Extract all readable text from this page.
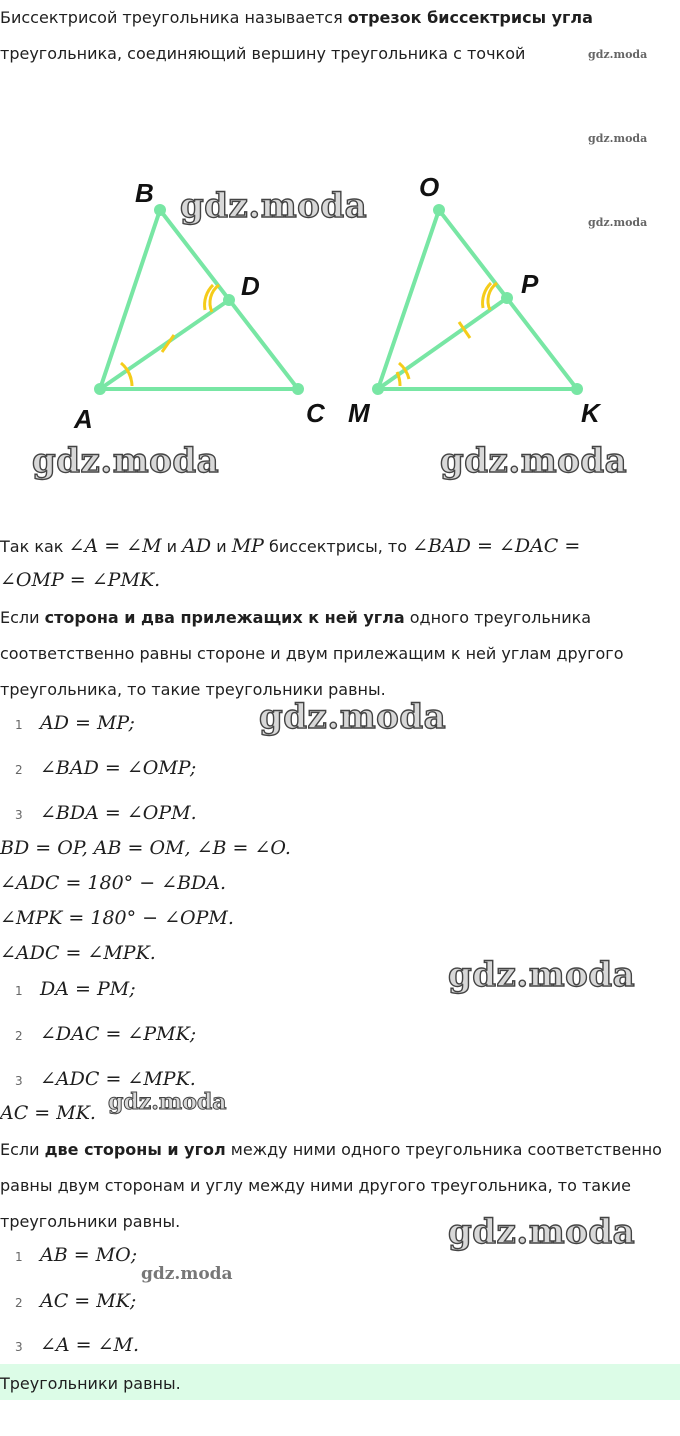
Биссектрисой треугольника называется отрезок биссектрисы угла
треугольника, соединяющий вершину треугольника с точкой	gdz.moda
gdz.moda
gdz.moda
B
D
A	C
O
P
M	K
gdz.moda
gdz.moda	gdz.moda
Так как ∠A = ∠M и AD и MP биссектрисы, то ∠BAD = ∠DAC =
∠OMP = ∠PMK.
Если сторона и два прилежащих к ней угла одного треугольника
соответственно равны стороне и двум прилежащим к ней углам другого
треугольника, то такие треугольники равны.
1 AD = MP;
2 ∠BAD = ∠OMP;
3 ∠BDA = ∠OPM.
gdz.moda
BD = OP, AB = OM, ∠B = ∠O.
∠ADC = 180° − ∠BDA.
∠MPK = 180° − ∠OPM.
∠ADC = ∠MPK.
1 DA = PM;
2 ∠DAC = ∠PMK;
3 ∠ADC = ∠MPK.
gdz.moda
AC = MK. gdz.moda
Если две стороны и угол между ними одного треугольника соответственно
равны двум сторонам и углу между ними другого треугольника, то такие
треугольники равны.	gdz.moda
1 AB = MO;
2 AC = MK;
3 ∠A = ∠M.
gdz.moda
Треугольники равны.
